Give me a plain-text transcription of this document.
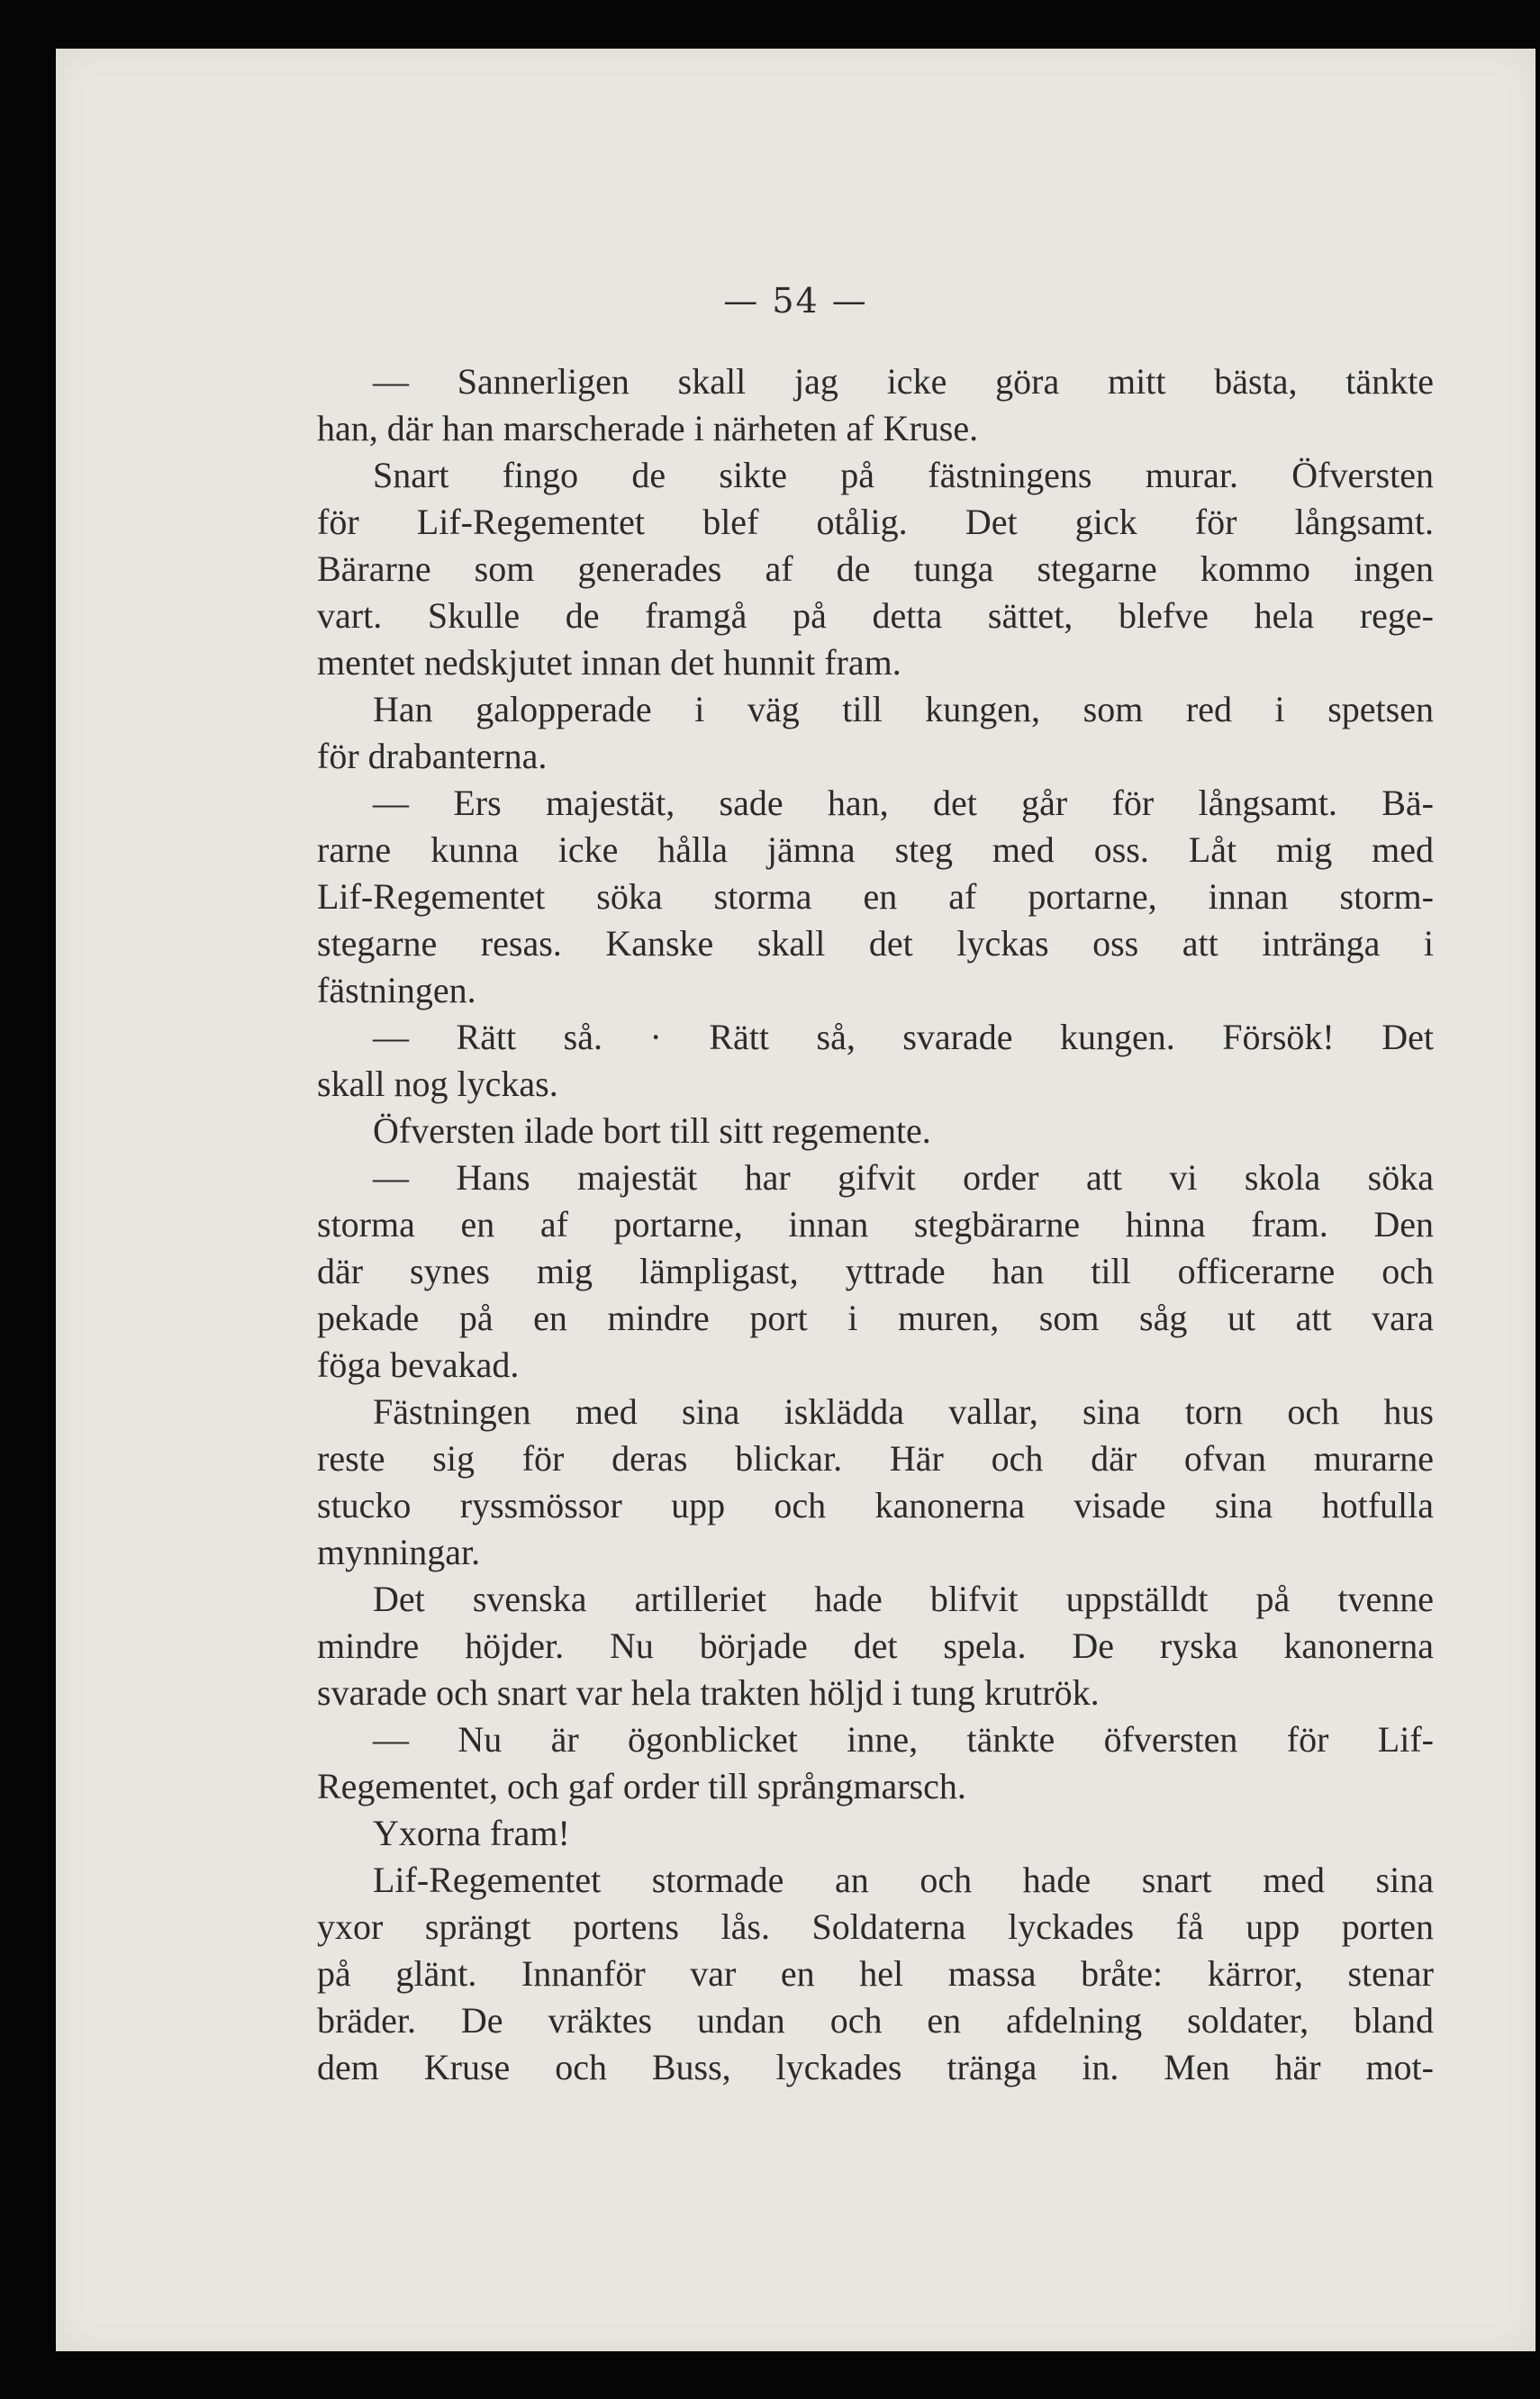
— 54 —
— Sannerligen skall jag icke göra mitt bästa, tänkte
han, där han marscherade i närheten af Kruse.
Snart fingo de sikte på fästningens murar. Öfversten
för Lif-Regementet blef otålig. Det gick för långsamt.
Bärarne som generades af de tunga stegarne kommo ingen
vart. Skulle de framgå på detta sättet, blefve hela rege-
mentet nedskjutet innan det hunnit fram.
Han galopperade i väg till kungen, som red i spetsen
för drabanterna.
— Ers majestät, sade han, det går för långsamt. Bä-
rarne kunna icke hålla jämna steg med oss. Låt mig med
Lif-Regementet söka storma en af portarne, innan storm-
stegarne resas. Kanske skall det lyckas oss att intränga i
fästningen.
— Rätt så. · Rätt så, svarade kungen. Försök! Det
skall nog lyckas.
Öfversten ilade bort till sitt regemente.
— Hans majestät har gifvit order att vi skola söka
storma en af portarne, innan stegbärarne hinna fram. Den
där synes mig lämpligast, yttrade han till officerarne och
pekade på en mindre port i muren, som såg ut att vara
föga bevakad.
Fästningen med sina isklädda vallar, sina torn och hus
reste sig för deras blickar. Här och där ofvan murarne
stucko ryssmössor upp och kanonerna visade sina hotfulla
mynningar.
Det svenska artilleriet hade blifvit uppställdt på tvenne
mindre höjder. Nu började det spela. De ryska kanonerna
svarade och snart var hela trakten höljd i tung krutrök.
— Nu är ögonblicket inne, tänkte öfversten för Lif-
Regementet, och gaf order till språngmarsch.
Yxorna fram!
Lif-Regementet stormade an och hade snart med sina
yxor sprängt portens lås. Soldaterna lyckades få upp porten
på glänt. Innanför var en hel massa bråte: kärror, stenar
bräder. De vräktes undan och en afdelning soldater, bland
dem Kruse och Buss, lyckades tränga in. Men här mot-
